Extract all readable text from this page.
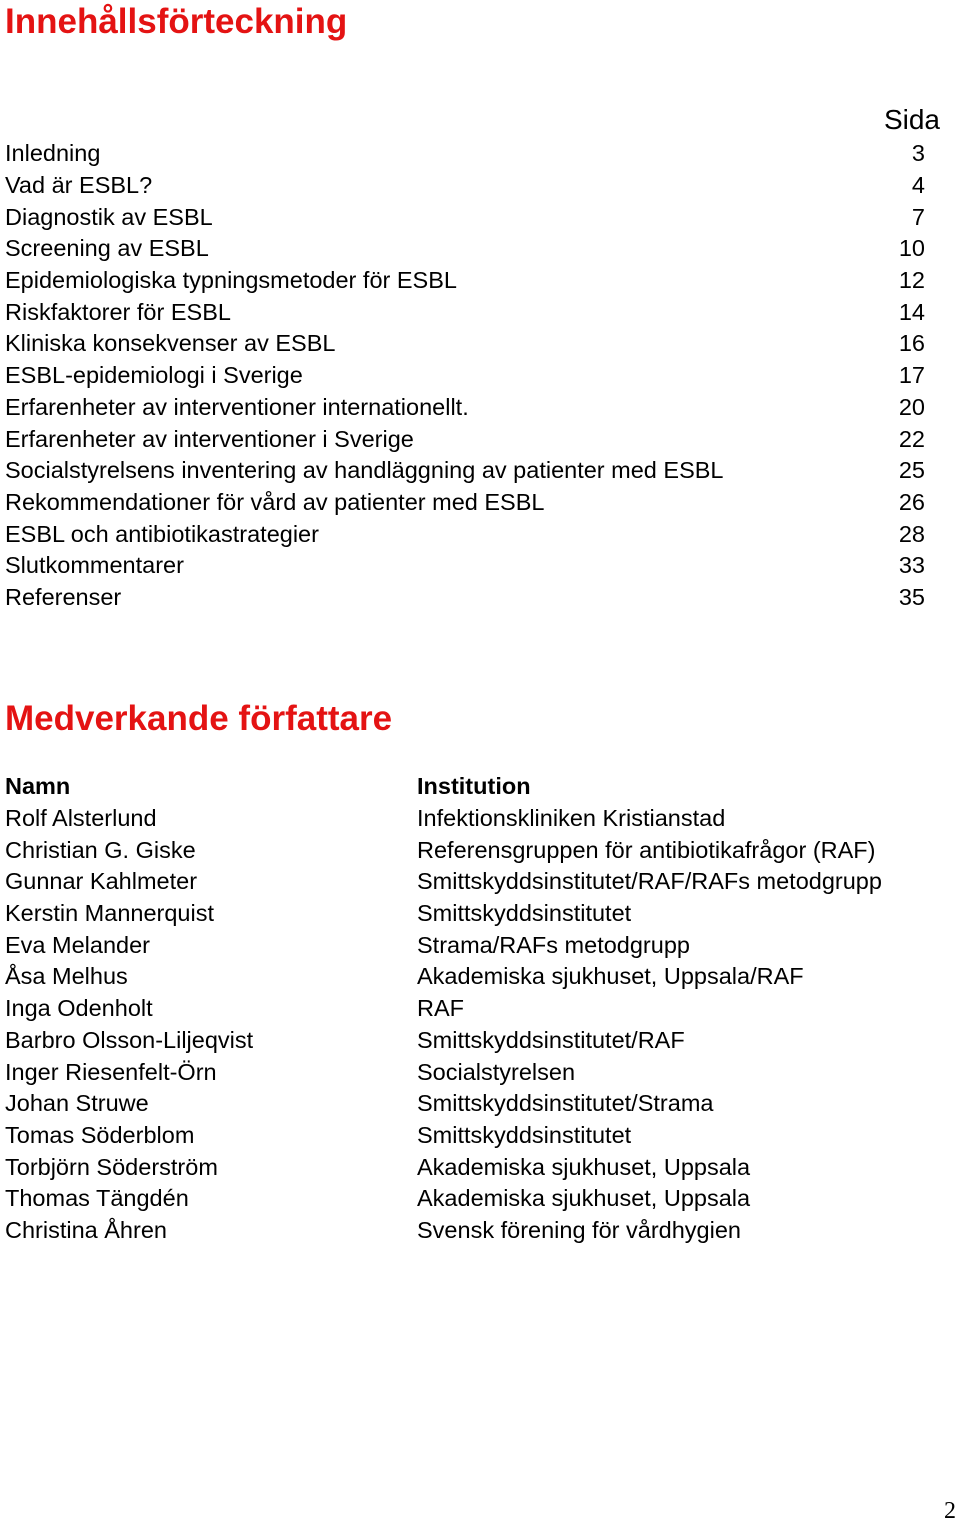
Innehållsförteckning
Sida
Inledning	3
Vad är ESBL?	4
Diagnostik av ESBL	7
Screening av ESBL	10
Epidemiologiska typningsmetoder för ESBL	12
Riskfaktorer för ESBL	14
Kliniska konsekvenser av ESBL	16
ESBL-epidemiologi i Sverige	17
Erfarenheter av interventioner internationellt.	20
Erfarenheter av interventioner i Sverige	22
Socialstyrelsens inventering av handläggning av patienter med ESBL	25
Rekommendationer för vård av patienter med ESBL	26
ESBL och antibiotikastrategier	28
Slutkommentarer	33
Referenser	35
Medverkande författare
Namn	Institution
Rolf Alsterlund	Infektionskliniken Kristianstad
Christian G. Giske	Referensgruppen för antibiotikafrågor (RAF)
Gunnar Kahlmeter	Smittskyddsinstitutet/RAF/RAFs metodgrupp
Kerstin Mannerquist	Smittskyddsinstitutet
Eva Melander	Strama/RAFs metodgrupp
Åsa Melhus	Akademiska sjukhuset, Uppsala/RAF
Inga Odenholt	RAF
Barbro Olsson-Liljeqvist	Smittskyddsinstitutet/RAF
Inger Riesenfelt-Örn	Socialstyrelsen
Johan Struwe	Smittskyddsinstitutet/Strama
Tomas Söderblom	Smittskyddsinstitutet
Torbjörn Söderström	Akademiska sjukhuset, Uppsala
Thomas Tängdén	Akademiska sjukhuset, Uppsala
Christina Åhren	Svensk förening för vårdhygien
2
